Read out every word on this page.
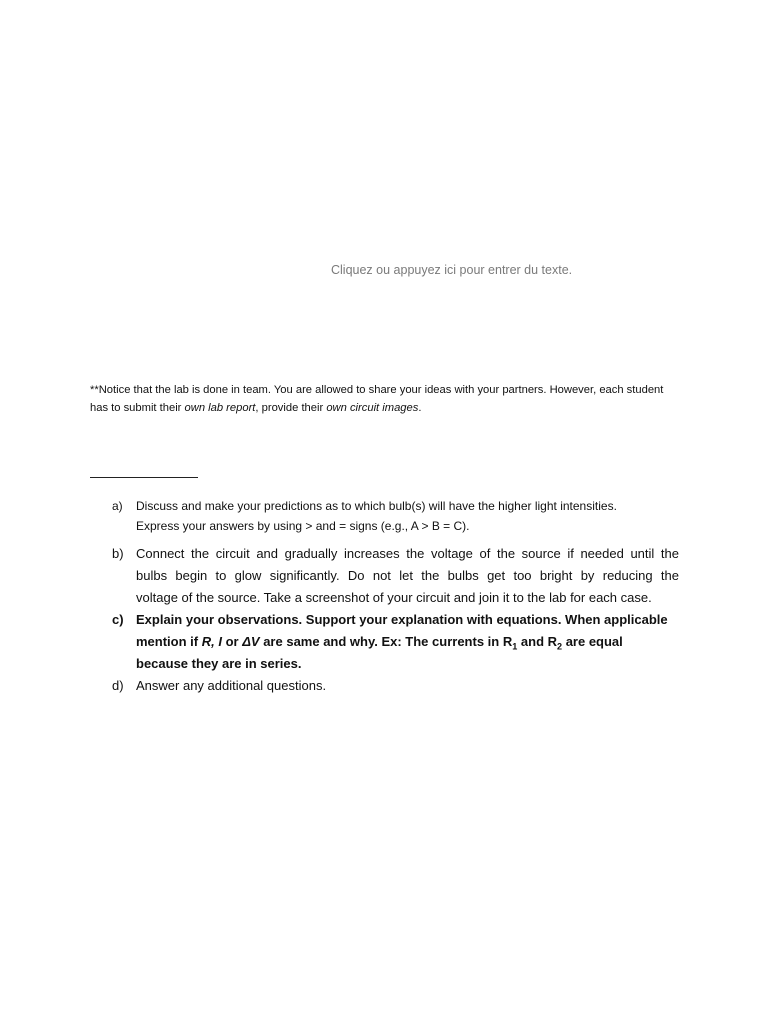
Cliquez ou appuyez ici pour entrer du texte.
**Notice that the lab is done in team. You are allowed to share your ideas with your partners. However, each student
has to submit their own lab report, provide their own circuit images.
a) Discuss and make your predictions as to which bulb(s) will have the higher light intensities.
Express your answers by using > and = signs (e.g., A > B = C).
b) Connect the circuit and gradually increases the voltage of the source if needed until the
bulbs begin to glow significantly. Do not let the bulbs get too bright by reducing the
voltage of the source. Take a screenshot of your circuit and join it to the lab for each case.
c) Explain your observations. Support your explanation with equations. When applicable
mention if R, I or ΔV are same and why. Ex: The currents in $R_1$ and $R_2$ are equal
because they are in series.
d) Answer any additional questions.
